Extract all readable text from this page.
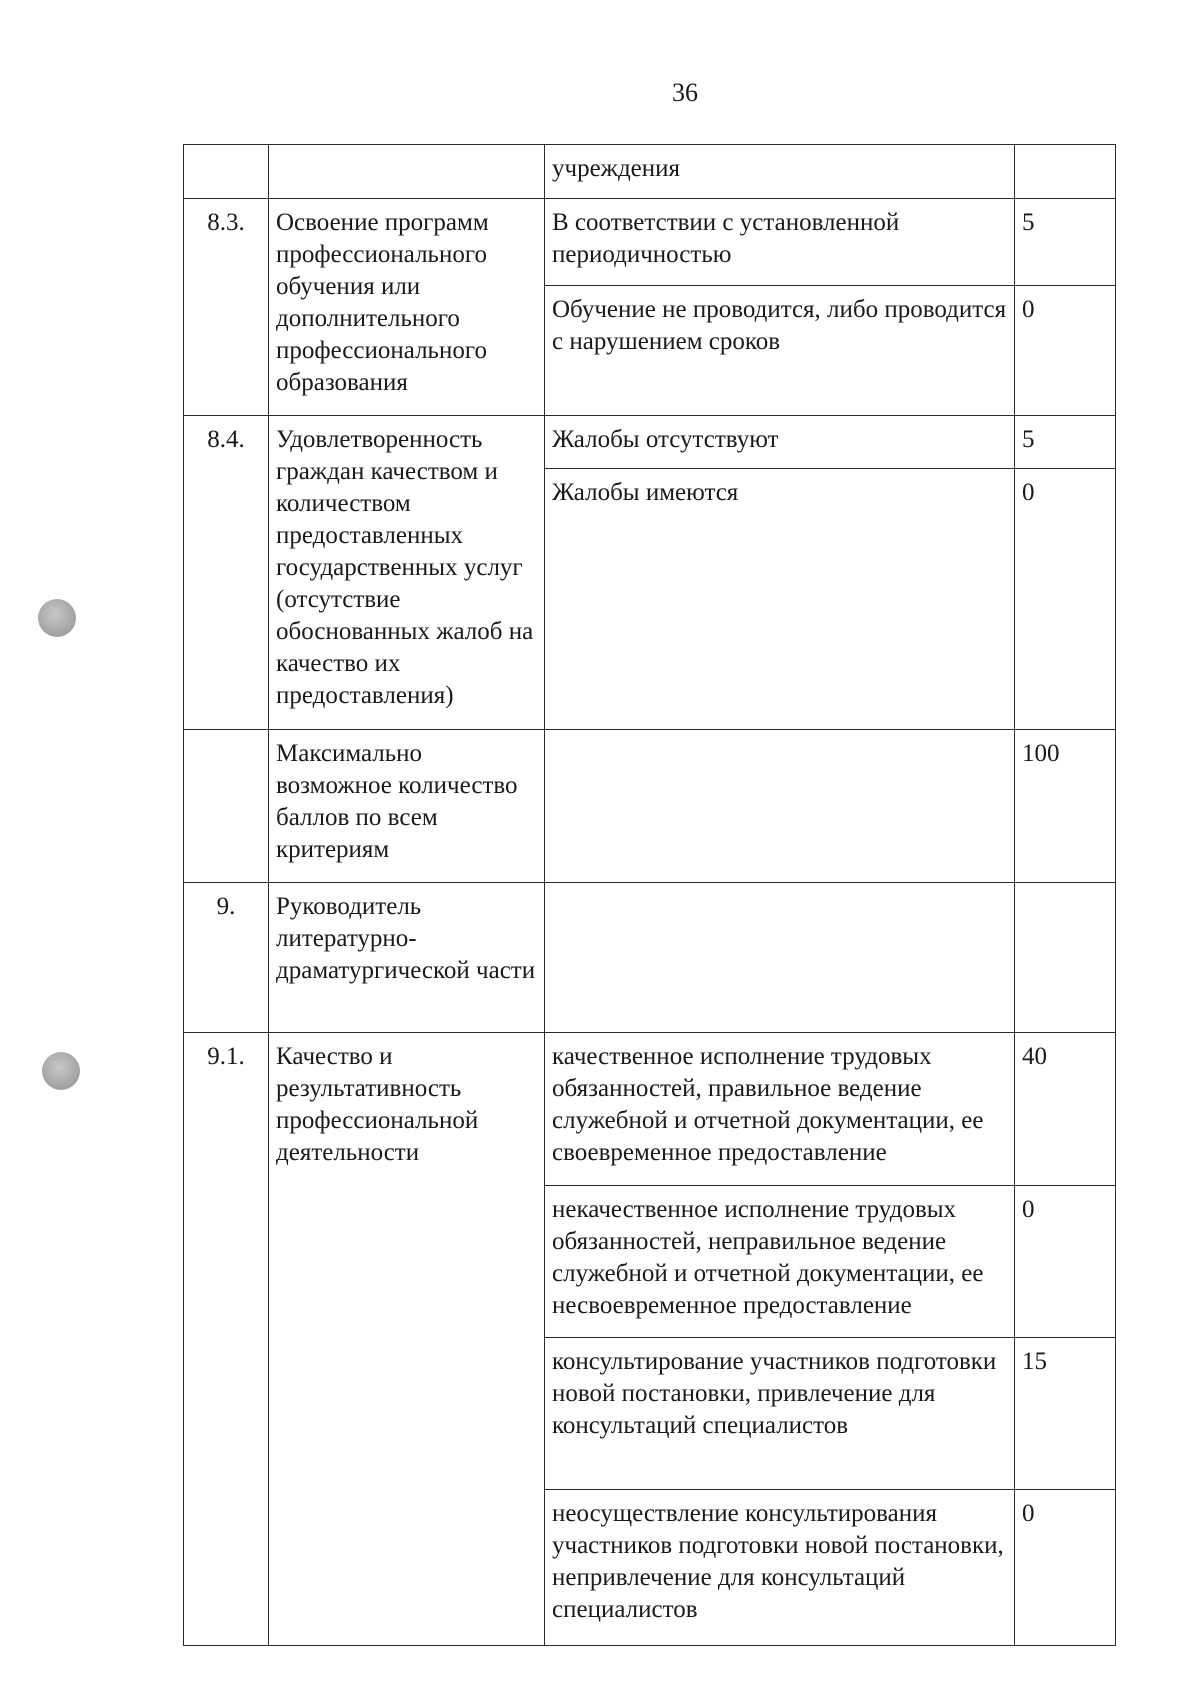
36
		учреждения	
8.3.	Освоение программ профессионального обучения или дополнительного профессионального образования	В соответствии с установленной периодичностью	5
		Обучение не проводится, либо проводится с нарушением сроков	0
8.4.	Удовлетворенность граждан качеством и количеством предоставленных государственных услуг (отсутствие обоснованных жалоб на качество их предоставления)	Жалобы отсутствуют	5
		Жалобы имеются	0
	Максимально возможное количество баллов по всем критериям		100
9.	Руководитель литературно-драматургической части		
9.1.	Качество и результативность профессиональной деятельности	качественное исполнение трудовых обязанностей, правильное ведение служебной и отчетной документации, ее своевременное предоставление	40
		некачественное исполнение трудовых обязанностей, неправильное ведение служебной и отчетной документации, ее несвоевременное предоставление	0
		консультирование участников подготовки новой постановки, привлечение для консультаций специалистов	15
		неосуществление консультирования участников подготовки новой постановки, непривлечение для консультаций специалистов	0
